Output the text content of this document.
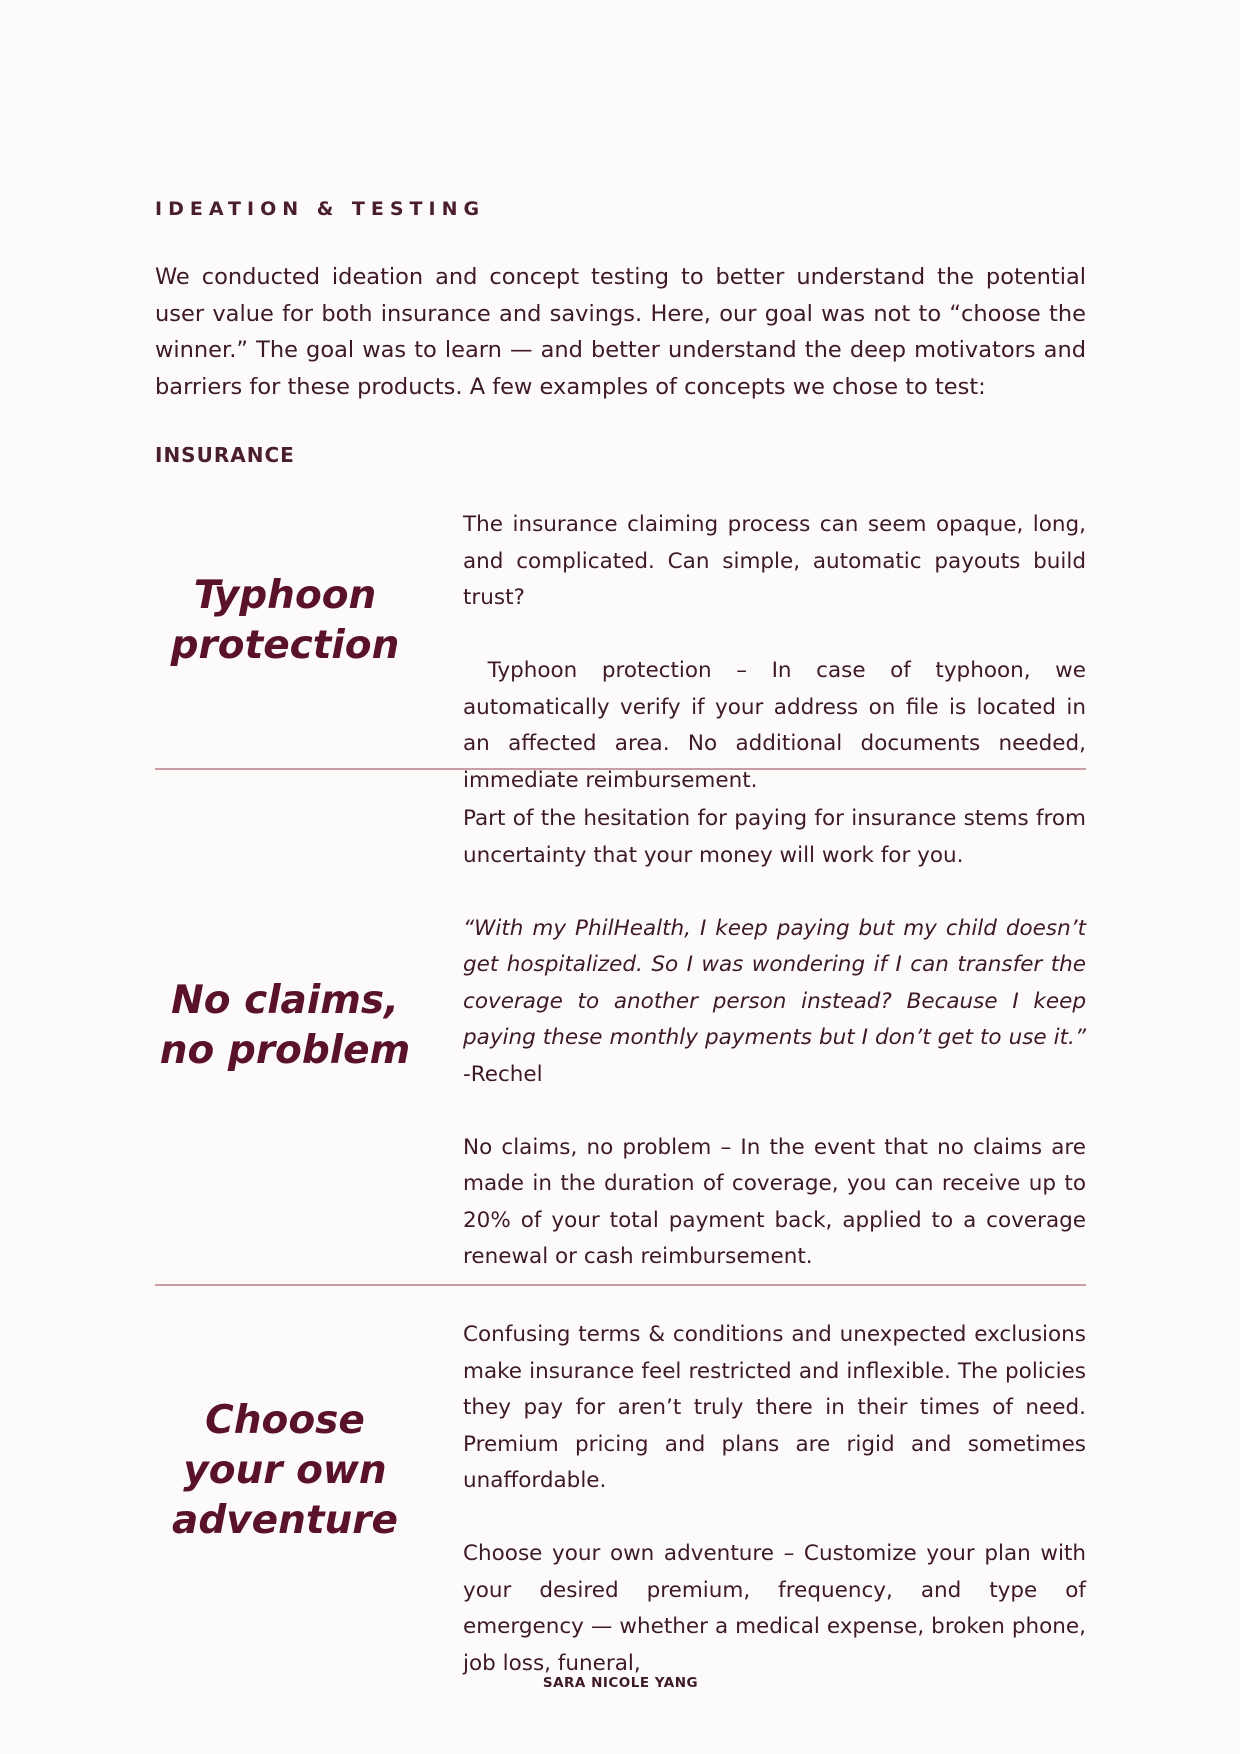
IDEATION & TESTING

We conducted ideation and concept testing to better understand the potential user value for both insurance and savings. Here, our goal was not to “choose the winner.” The goal was to learn — and better understand the deep motivators and barriers for these products. A few examples of concepts we chose to test:

INSURANCE
Typhoon
protection

The insurance claiming process can seem opaque, long, and complicated. Can simple, automatic payouts build trust?

Typhoon protection – In case of typhoon, we automatically verify if your address on file is located in an affected area. No additional documents needed, immediate reimbursement.

No claims,
no problem

Part of the hesitation for paying for insurance stems from uncertainty that your money will work for you.

“With my PhilHealth, I keep paying but my child doesn’t get hospitalized. So I was wondering if I can transfer the coverage to another person instead? Because I keep paying these monthly payments but I don’t get to use it.” -Rechel

No claims, no problem – In the event that no claims are made in the duration of coverage, you can receive up to 20% of your total payment back, applied to a coverage renewal or cash reimbursement.

Choose
your own
adventure

Confusing terms & conditions and unexpected exclusions make insurance feel restricted and inflexible. The policies they pay for aren’t truly there in their times of need. Premium pricing and plans are rigid and sometimes unaffordable.

Choose your own adventure – Customize your plan with your desired premium, frequency, and type of emergency — whether a medical expense, broken phone, job loss, funeral,

SARA NICOLE YANG
